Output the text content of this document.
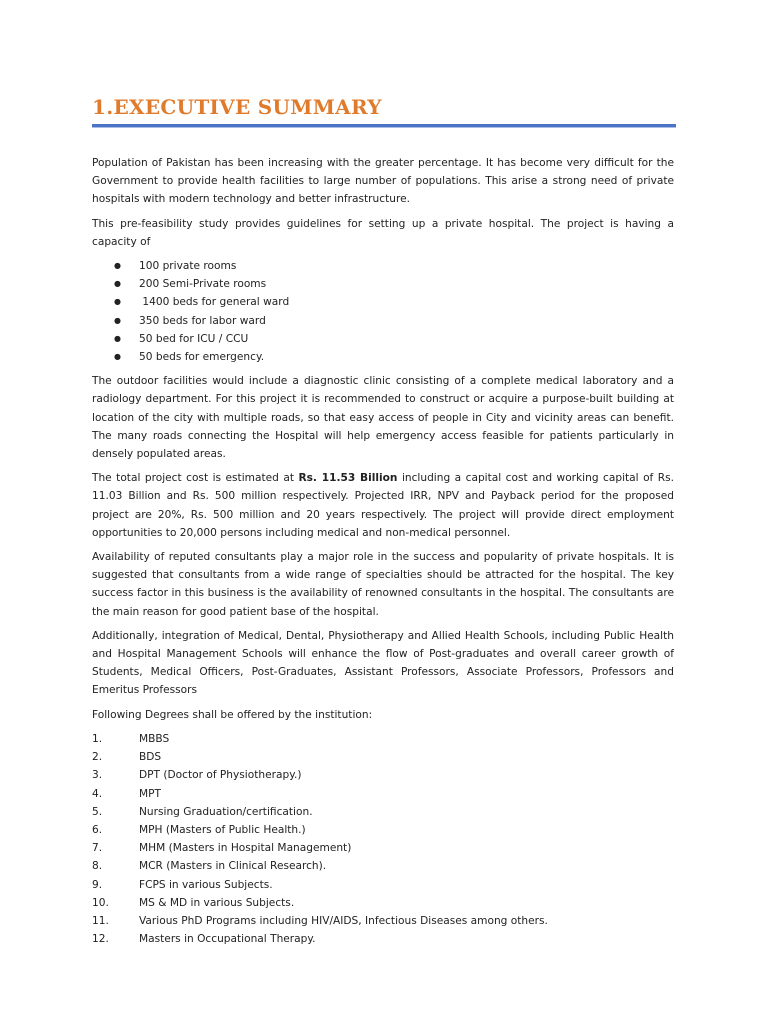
1.EXECUTIVE SUMMARY

Population of Pakistan has been increasing with the greater percentage. It has become very difficult for the Government to provide health facilities to large number of populations. This arise a strong need of private hospitals with modern technology and better infrastructure.

This pre-feasibility study provides guidelines for setting up a private hospital. The project is having a capacity of

● 100 private rooms
● 200 Semi-Private rooms
● 1400 beds for general ward
● 350 beds for labor ward
● 50 bed for ICU / CCU
● 50 beds for emergency.

The outdoor facilities would include a diagnostic clinic consisting of a complete medical laboratory and a radiology department. For this project it is recommended to construct or acquire a purpose-built building at location of the city with multiple roads, so that easy access of people in City and vicinity areas can benefit. The many roads connecting the Hospital will help emergency access feasible for patients particularly in densely populated areas.

The total project cost is estimated at Rs. 11.53 Billion including a capital cost and working capital of Rs. 11.03 Billion and Rs. 500 million respectively. Projected IRR, NPV and Payback period for the proposed project are 20%, Rs. 500 million and 20 years respectively. The project will provide direct employment opportunities to 20,000 persons including medical and non-medical personnel.

Availability of reputed consultants play a major role in the success and popularity of private hospitals. It is suggested that consultants from a wide range of specialties should be attracted for the hospital. The key success factor in this business is the availability of renowned consultants in the hospital. The consultants are the main reason for good patient base of the hospital.

Additionally, integration of Medical, Dental, Physiotherapy and Allied Health Schools, including Public Health and Hospital Management Schools will enhance the flow of Post-graduates and overall career growth of Students, Medical Officers, Post-Graduates, Assistant Professors, Associate Professors, Professors and Emeritus Professors

Following Degrees shall be offered by the institution:

1.	MBBS
2.	BDS
3.	DPT (Doctor of Physiotherapy.)
4.	MPT
5.	Nursing Graduation/certification.
6.	MPH (Masters of Public Health.)
7.	MHM (Masters in Hospital Management)
8.	MCR (Masters in Clinical Research).
9.	FCPS in various Subjects.
10.	MS & MD in various Subjects.
11.	Various PhD Programs including HIV/AIDS, Infectious Diseases among others.
12.	Masters in Occupational Therapy.
